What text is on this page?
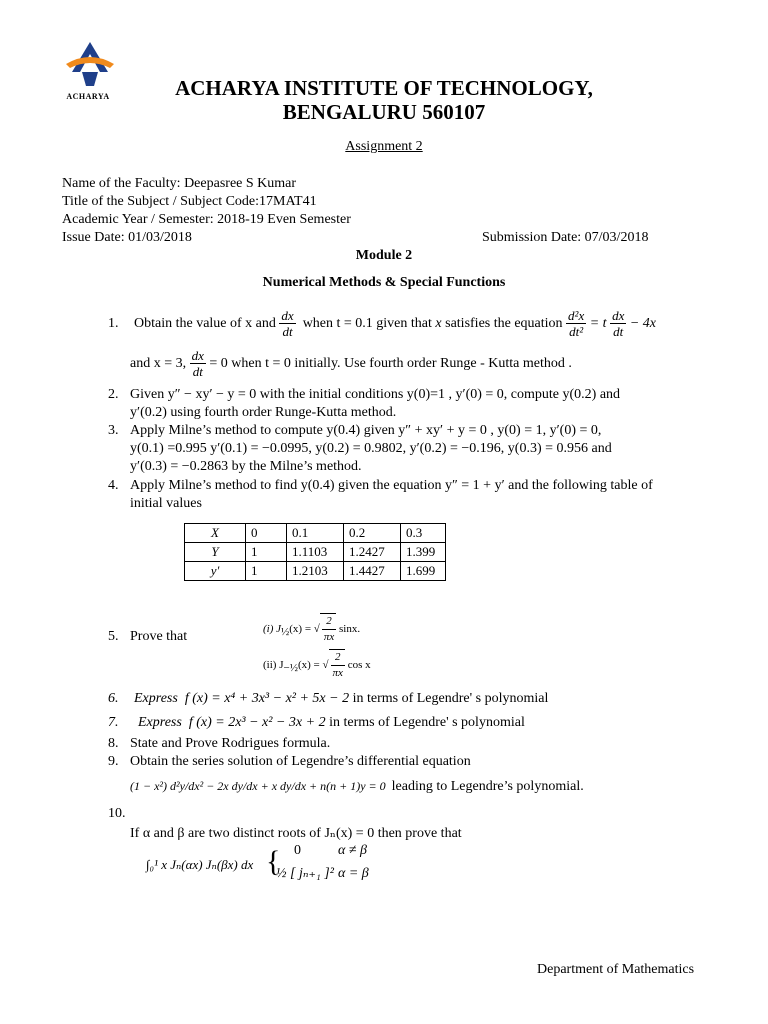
ACHARYA	ACHARYA INSTITUTE OF TECHNOLOGY,
BENGALURU 560107
Assignment 2
Name of the Faculty: Deepasree S Kumar
Title of the Subject / Subject Code:17MAT41
Academic Year / Semester: 2018-19 Even Semester
Issue Date: 01/03/2018	Submission Date: 07/03/2018
Module 2
Numerical Methods & Special Functions
1. Obtain the value of x and $\frac{dx}{dt}$ when t = 0.1 given that x satisfies the equation $\frac{\text{d²x}}{\text{dt²}} = t \frac{dx}{dt} - 4x$
and x = 3, $\frac{dx}{dt} = 0$ when t = 0 initially. Use fourth order Runge - Kutta method .
2. Given y″ − xy′ − y = 0 with the initial conditions y(0)=1 , y′(0) = 0, compute y(0.2) and
y′(0.2) using fourth order Runge-Kutta method.
3. Apply Milne’s method to compute y(0.4) given y″ + xy′ + y = 0 , y(0) = 1, y′(0) = 0,
y(0.1) =0.995 y′(0.1) = −0.0995, y(0.2) = 0.9802, y′(0.2) = −0.196, y(0.3) = 0.956 and
y′(0.3) = −0.2863 by the Milne’s method.
4. Apply Milne’s method to find y(0.4) given the equation y″ = 1 + y′ and the following table of
initial values
X	0	0.1	0.2	0.3
Y	1	1.1103	1.2427	1.399
y′	1	1.2103	1.4427	1.699
(i) $J_{\frac{1}{2}}(x)$ = √ $\frac{2}{\pi x} \sin x$.
5. Prove that
(ii) $J_{-\frac{1}{2}}(x)$ = √ $\frac{2}{\pi x}$ cos x
6. Express f (x) = x⁴ + 3x³ − x² + 5x − 2 in terms of Legendre' s polynomial
7. Express f (x) = 2x³ − x² − 3x + 2 in terms of Legendre' s polynomial
8. State and Prove Rodrigues formula.
9. Obtain the series solution of Legendre’s differential equation
(1 − x²) d²y/dx² − 2x dy/dx + x dy/dx + n(n + 1)y = 0 leading to Legendre’s polynomial.
10.
If α and β are two distinct roots of Jₙ(x) = 0 then prove that
∫₀¹ x Jₙ(αx) Jₙ(βx) dx { 0	α ≠ β
½ [ jₙ₊₁ ]² α = β
Department of Mathematics
